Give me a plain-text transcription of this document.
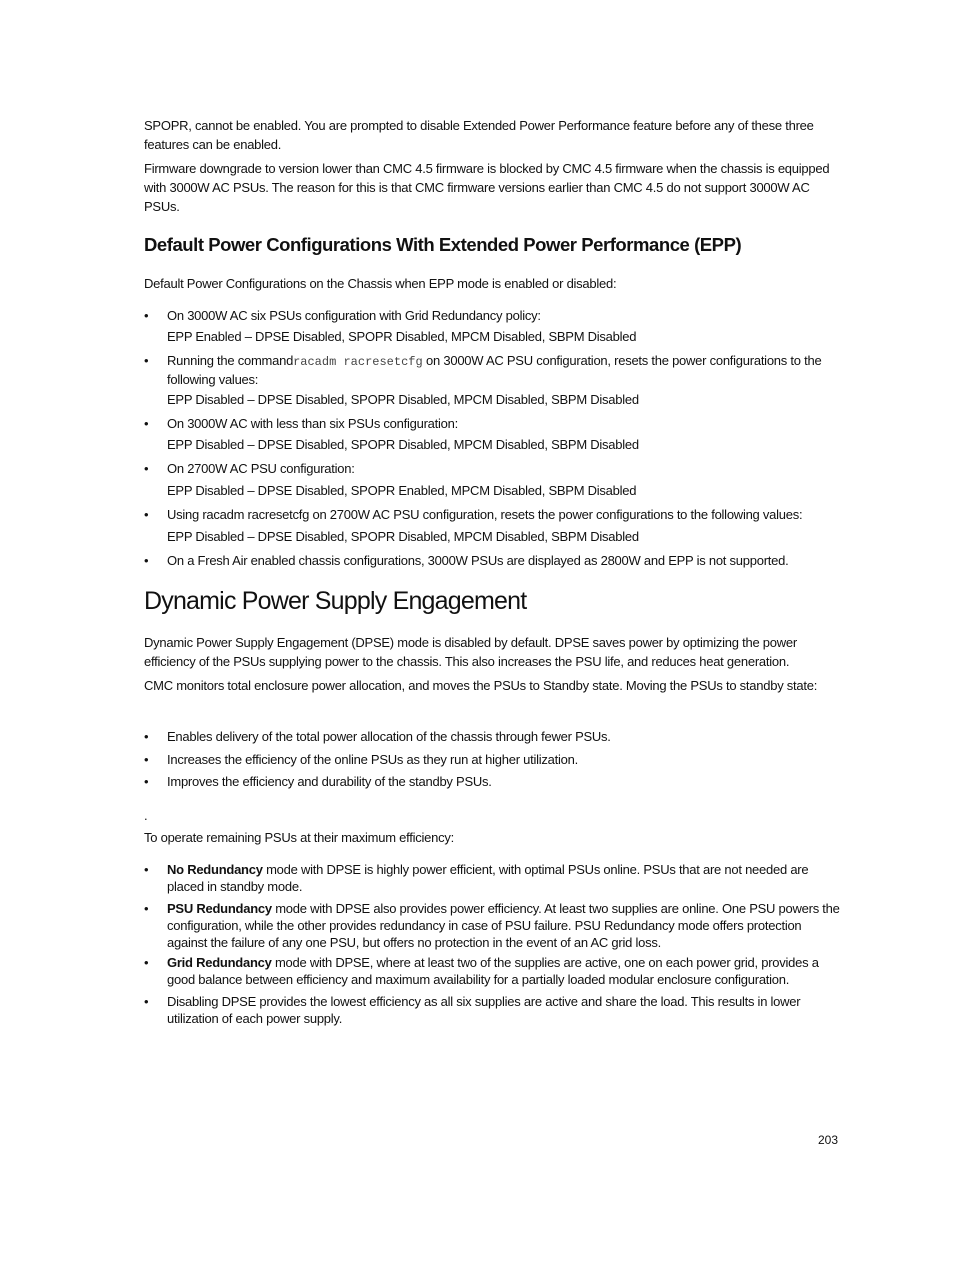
SPOPR, cannot be enabled. You are prompted to disable Extended Power Performance feature before any of these three features can be enabled.

Firmware downgrade to version lower than CMC 4.5 firmware is blocked by CMC 4.5 firmware when the chassis is equipped with 3000W AC PSUs. The reason for this is that CMC firmware versions earlier than CMC 4.5 do not support 3000W AC PSUs.

Default Power Configurations With Extended Power Performance (EPP)

Default Power Configurations on the Chassis when EPP mode is enabled or disabled:

• On 3000W AC six PSUs configuration with Grid Redundancy policy:
EPP Enabled – DPSE Disabled, SPOPR Disabled, MPCM Disabled, SBPM Disabled
• Running the commandracadm racresetcfg on 3000W AC PSU configuration, resets the power configurations to the following values:
EPP Disabled – DPSE Disabled, SPOPR Disabled, MPCM Disabled, SBPM Disabled
• On 3000W AC with less than six PSUs configuration:
EPP Disabled – DPSE Disabled, SPOPR Disabled, MPCM Disabled, SBPM Disabled
• On 2700W AC PSU configuration:
EPP Disabled – DPSE Disabled, SPOPR Enabled, MPCM Disabled, SBPM Disabled
• Using racadm racresetcfg on 2700W AC PSU configuration, resets the power configurations to the following values:
EPP Disabled – DPSE Disabled, SPOPR Disabled, MPCM Disabled, SBPM Disabled
• On a Fresh Air enabled chassis configurations, 3000W PSUs are displayed as 2800W and EPP is not supported.
Dynamic Power Supply Engagement

Dynamic Power Supply Engagement (DPSE) mode is disabled by default. DPSE saves power by optimizing the power efficiency of the PSUs supplying power to the chassis. This also increases the PSU life, and reduces heat generation.

CMC monitors total enclosure power allocation, and moves the PSUs to Standby state. Moving the PSUs to standby state:

• Enables delivery of the total power allocation of the chassis through fewer PSUs.
• Increases the efficiency of the online PSUs as they run at higher utilization.
• Improves the efficiency and durability of the standby PSUs.

.

To operate remaining PSUs at their maximum efficiency:

• No Redundancy mode with DPSE is highly power efficient, with optimal PSUs online. PSUs that are not needed are placed in standby mode.
• PSU Redundancy mode with DPSE also provides power efficiency. At least two supplies are online. One PSU powers the configuration, while the other provides redundancy in case of PSU failure. PSU Redundancy mode offers protection against the failure of any one PSU, but offers no protection in the event of an AC grid loss.
• Grid Redundancy mode with DPSE, where at least two of the supplies are active, one on each power grid, provides a good balance between efficiency and maximum availability for a partially loaded modular enclosure configuration.
• Disabling DPSE provides the lowest efficiency as all six supplies are active and share the load. This results in lower utilization of each power supply.
203
